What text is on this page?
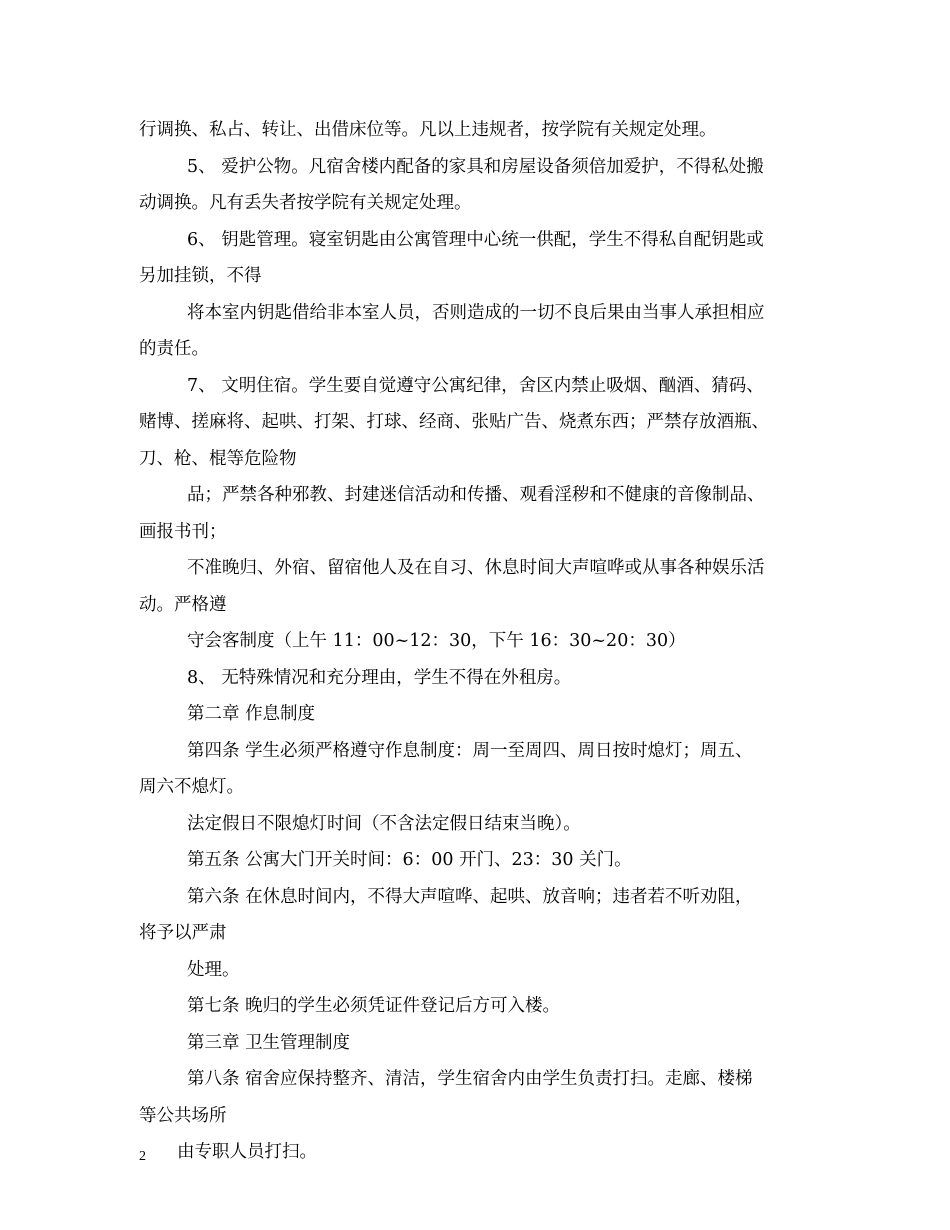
行调换、私占、转让、出借床位等。凡以上违规者，按学院有关规定处理。
5、 爱护公物。凡宿舍楼内配备的家具和房屋设备须倍加爱护，不得私处搬
动调换。凡有丢失者按学院有关规定处理。
6、 钥匙管理。寝室钥匙由公寓管理中心统一供配，学生不得私自配钥匙或
另加挂锁，不得
将本室内钥匙借给非本室人员，否则造成的一切不良后果由当事人承担相应
的责任。
7、 文明住宿。学生要自觉遵守公寓纪律，舍区内禁止吸烟、酗酒、猜码、
赌博、搓麻将、起哄、打架、打球、经商、张贴广告、烧煮东西；严禁存放酒瓶、
刀、枪、棍等危险物
品；严禁各种邪教、封建迷信活动和传播、观看淫秽和不健康的音像制品、
画报书刊；
不准晚归、外宿、留宿他人及在自习、休息时间大声喧哗或从事各种娱乐活
动。严格遵
守会客制度（上午 11：00~12：30，下午 16：30~20：30）
8、 无特殊情况和充分理由，学生不得在外租房。
第二章 作息制度
第四条 学生必须严格遵守作息制度：周一至周四、周日按时熄灯；周五、
周六不熄灯。
法定假日不限熄灯时间（不含法定假日结束当晚）。
第五条 公寓大门开关时间：6：00 开门、23：30 关门。
第六条 在休息时间内，不得大声喧哗、起哄、放音响；违者若不听劝阻，
将予以严肃
处理。
第七条 晚归的学生必须凭证件登记后方可入楼。
第三章 卫生管理制度
第八条 宿舍应保持整齐、清洁，学生宿舍内由学生负责打扫。走廊、楼梯
等公共场所
由专职人员打扫。
2
